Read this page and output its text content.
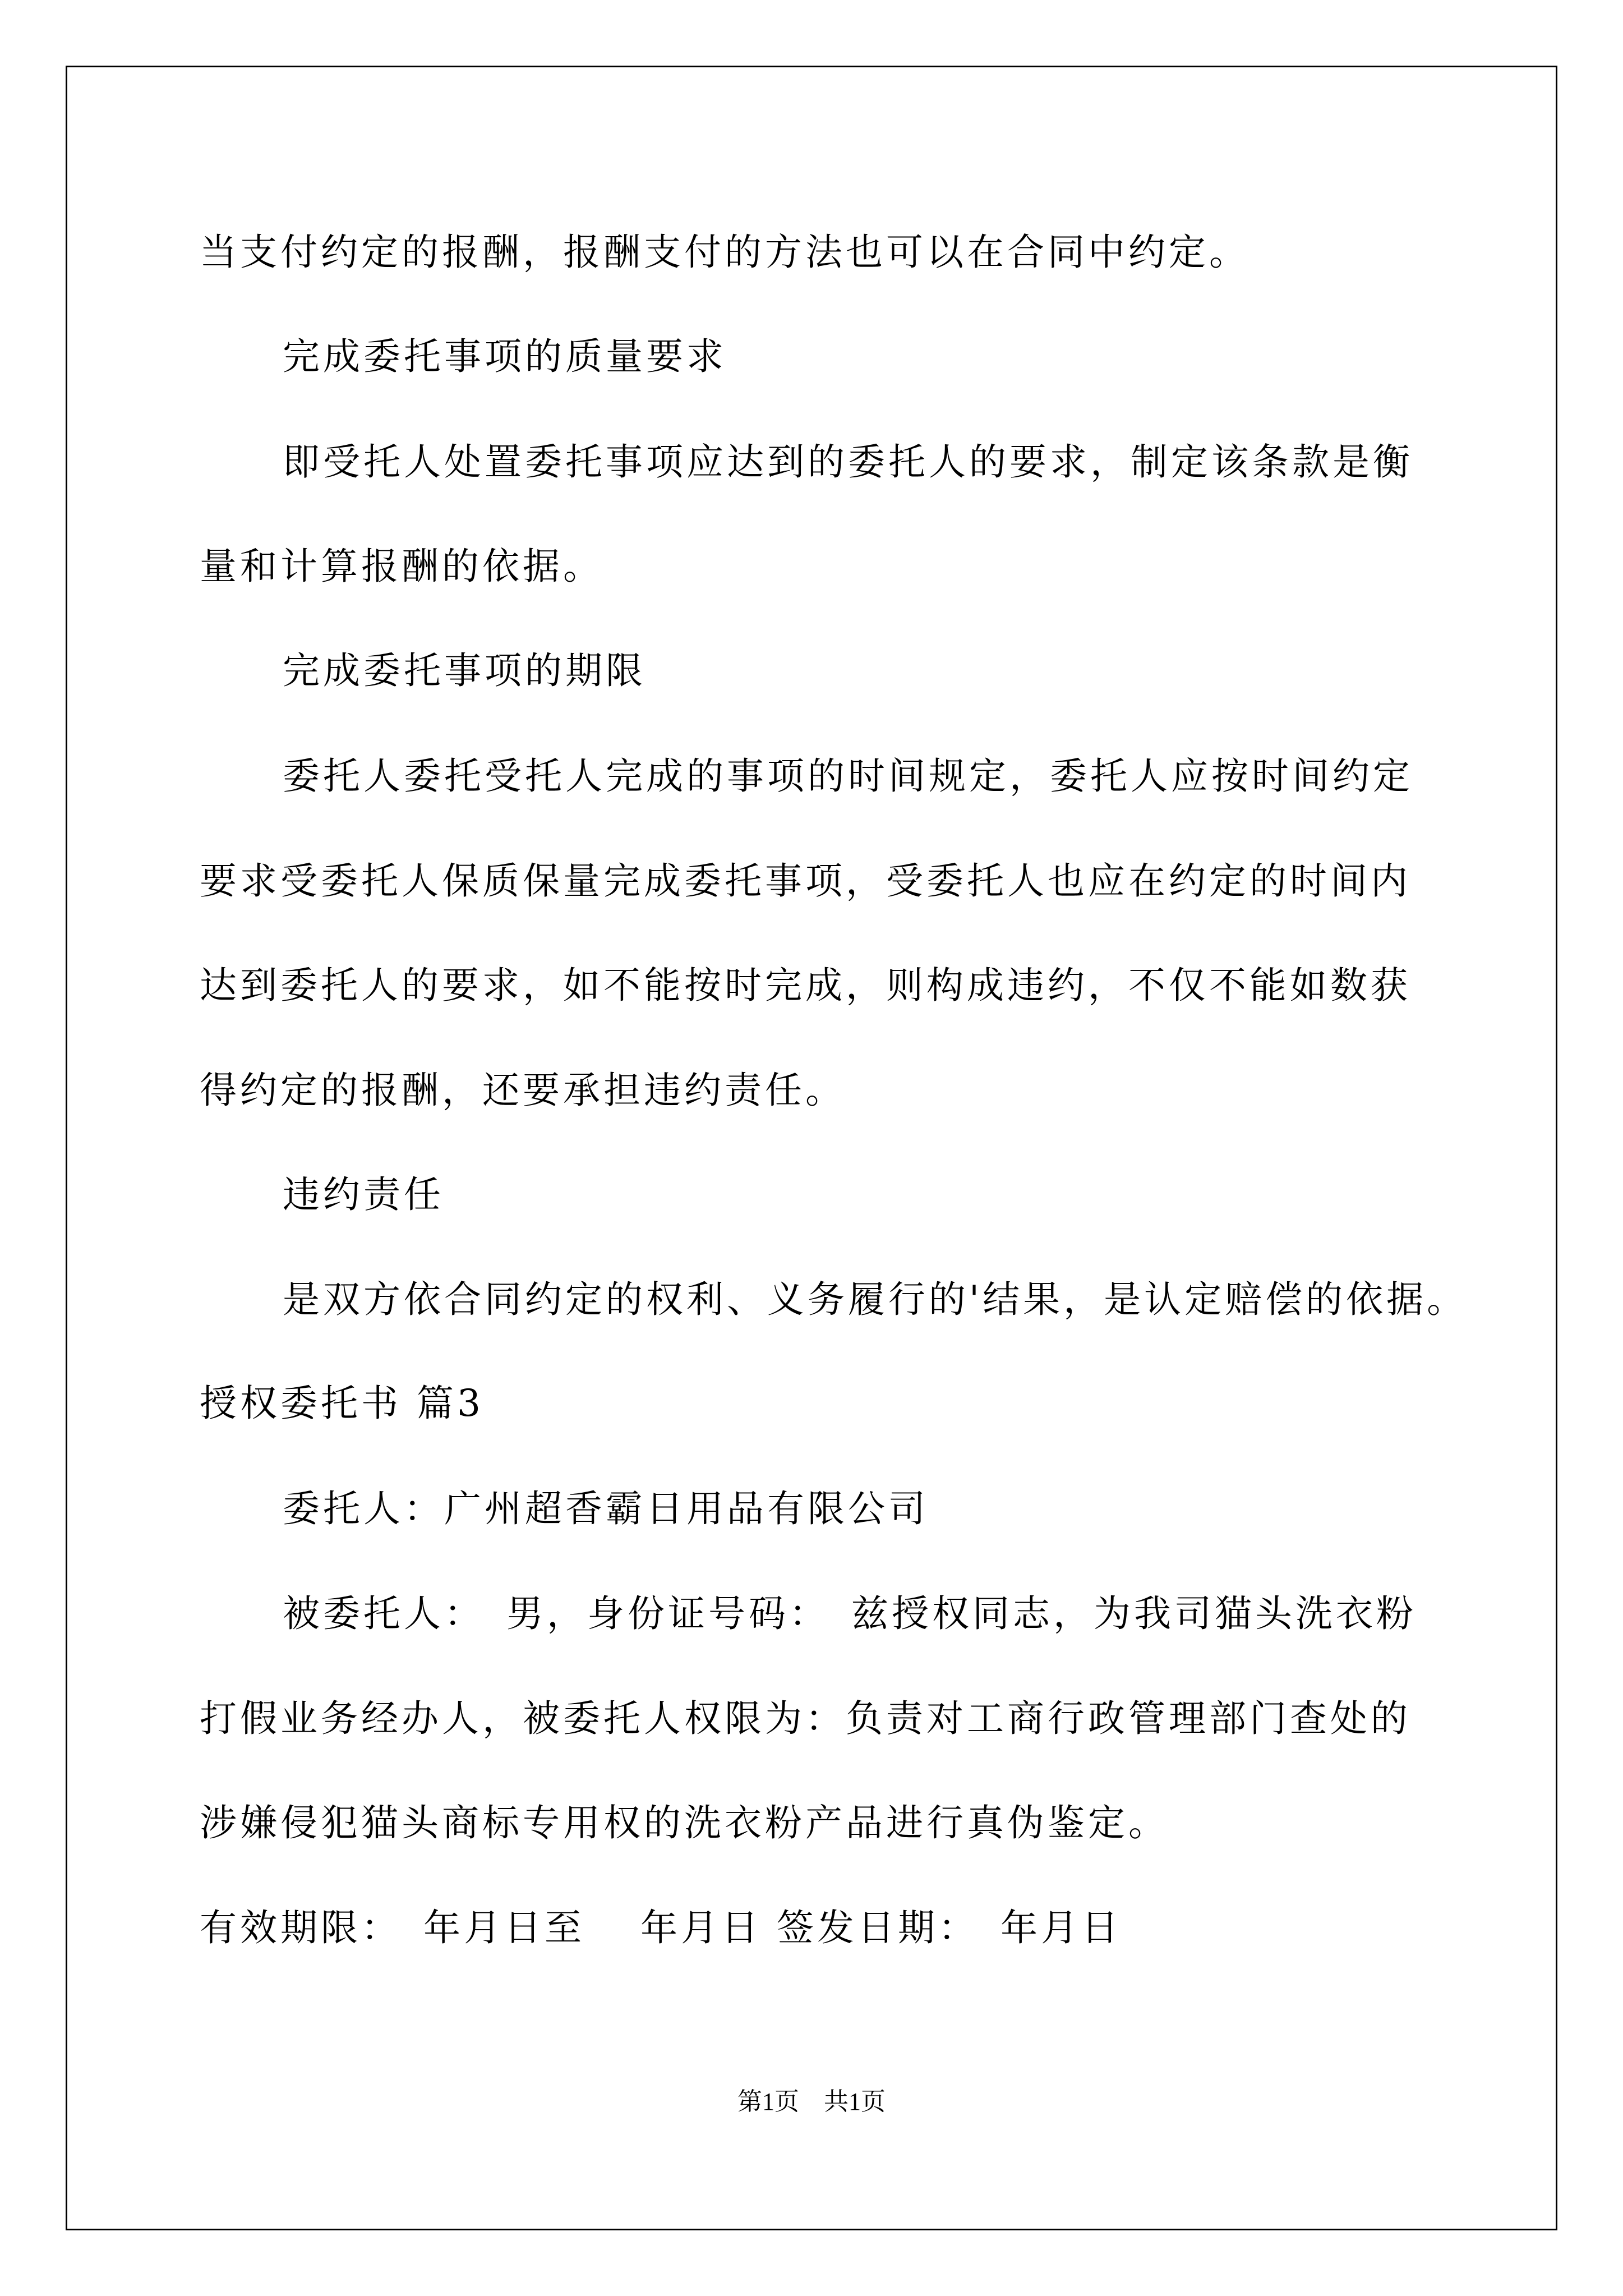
当支付约定的报酬，报酬支付的方法也可以在合同中约定。
完成委托事项的质量要求
即受托人处置委托事项应达到的委托人的要求，制定该条款是衡
量和计算报酬的依据。
完成委托事项的期限
委托人委托受托人完成的事项的时间规定，委托人应按时间约定
要求受委托人保质保量完成委托事项，受委托人也应在约定的时间内
达到委托人的要求，如不能按时完成，则构成违约，不仅不能如数获
得约定的报酬，还要承担违约责任。
违约责任
是双方依合同约定的权利、义务履行的'结果，是认定赔偿的依据。
授权委托书 篇3
委托人：广州超香霸日用品有限公司
被委托人：　男，身份证号码：　兹授权同志，为我司猫头洗衣粉
打假业务经办人，被委托人权限为：负责对工商行政管理部门查处的
涉嫌侵犯猫头商标专用权的洗衣粉产品进行真伪鉴定。
有效期限：　年月日至　 年月日 签发日期：　年月日
第1页　共1页
